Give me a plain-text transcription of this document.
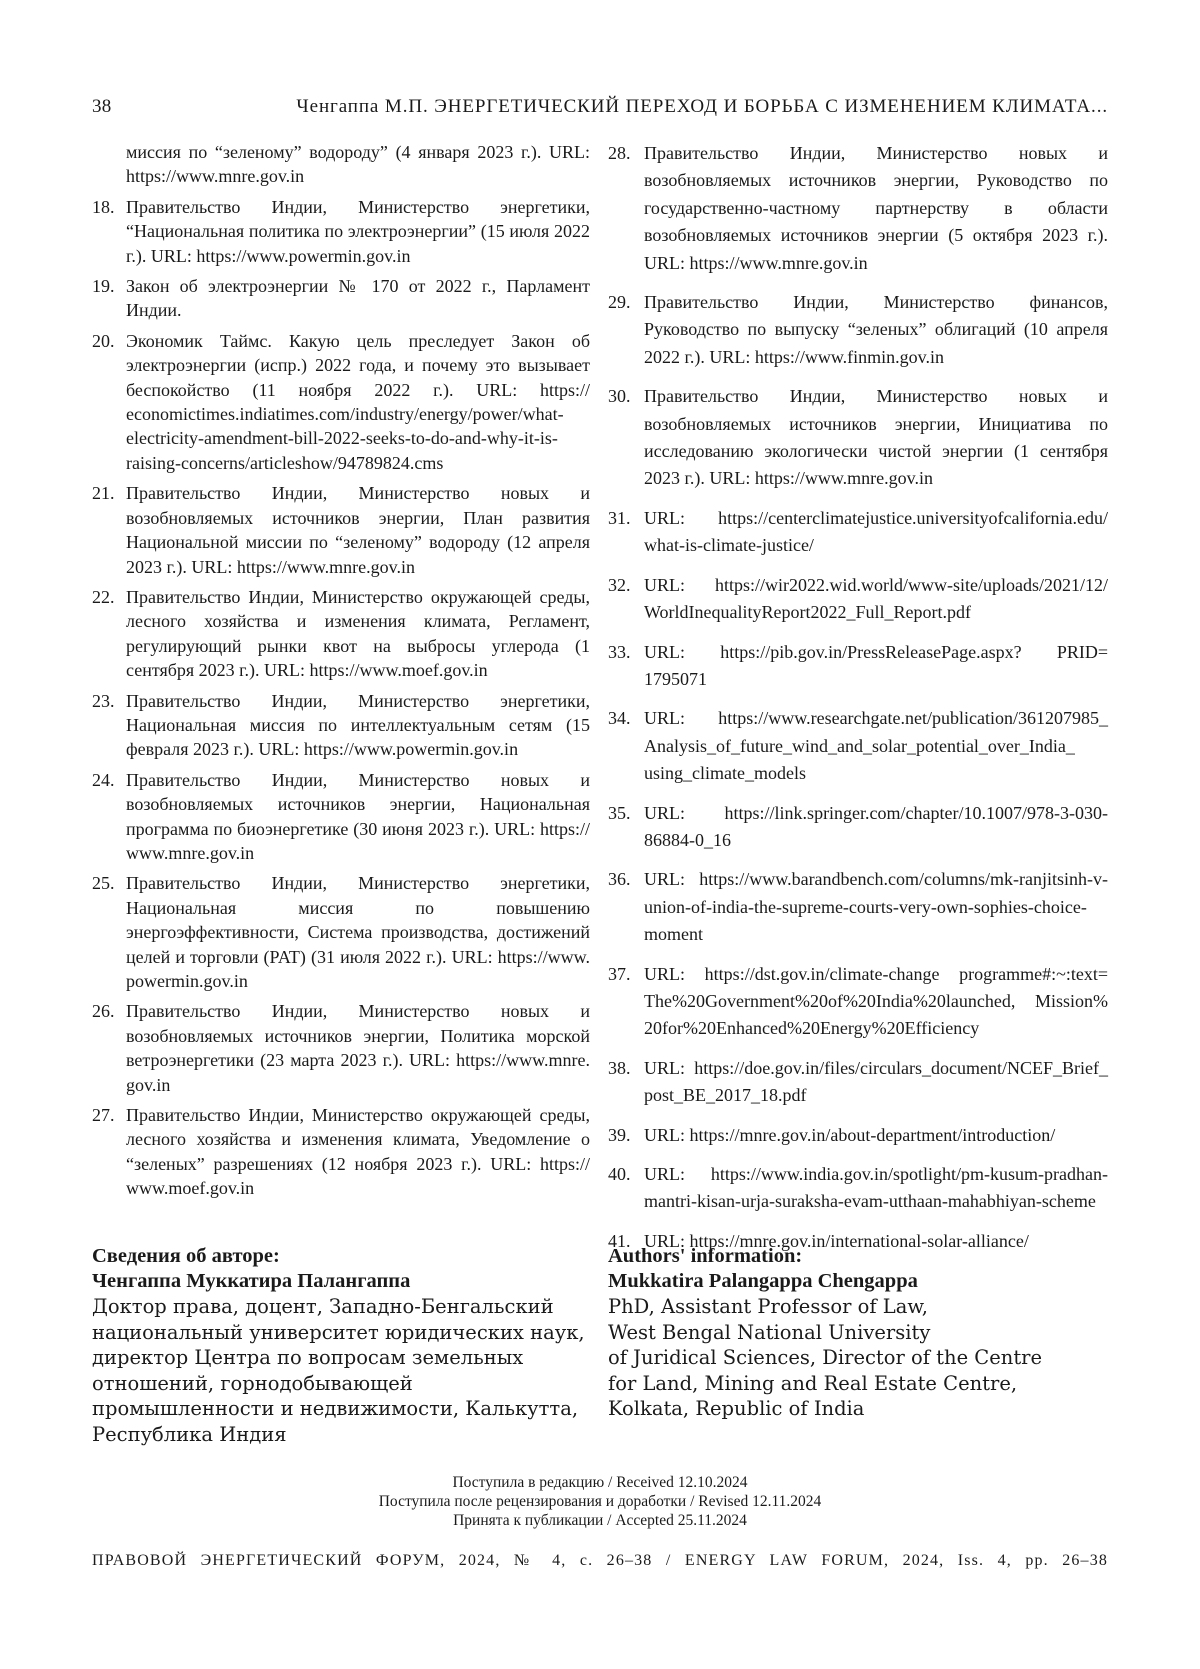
38	Ченгаппа М.П. ЭНЕРГЕТИЧЕСКИЙ ПЕРЕХОД И БОРЬБА С ИЗМЕНЕНИЕМ КЛИМАТА...
миссия по “зеленому” водороду” (4 января 2023 г.​).​ URL:​ https:​/​/​www.​mnre.​gov.​in
18. Правительство Индии, Министерство энергетики, “Национальная политика по электроэнергии” (15 июля 2022 г.​).​ URL:​ https:​/​/​www.​powermin.​gov.​in
19. Закон об электроэнергии № 170 от 2022 г.​, Парламент Индии.​
20. Экономик Таймс.​ Какую цель преследует Закон об электроэнергии (испр.​) 2022 года, и почему это вызывает беспокойство (11 ноября 2022 г.​).​ URL:​ https:​/​/​economictimes.​indiatimes.​com/​industry/​energy/​power/​what-​electricity-​amendment-​bill-​2022-​seeks-​to-​do-​and-​why-​it-​is-​raising-​concerns/​articleshow/​94789824.​cms
21. Правительство Индии, Министерство новых и возобновляемых источников энергии, План развития Национальной миссии по “зеленому” водороду (12 апреля 2023 г.​).​ URL:​ https:​/​/​www.​mnre.​gov.​in
22. Правительство Индии, Министерство окружающей среды, лесного хозяйства и изменения климата, Регламент, регулирующий рынки квот на выбросы углерода (1 сентября 2023 г.​).​ URL:​ https:​/​/​www.​moef.​gov.​in
23. Правительство Индии, Министерство энергетики, Национальная миссия по интеллектуальным сетям (15 февраля 2023 г.​).​ URL:​ https:​/​/​www.​powermin.​gov.​in
24. Правительство Индии, Министерство новых и возобновляемых источников энергии, Национальная программа по биоэнергетике (30 июня 2023 г.​).​ URL:​ https:​/​/​www.​mnre.​gov.​in
25. Правительство Индии, Министерство энергетики, Национальная миссия по повышению энергоэффективности, Система производства, достижений целей и торговли (PAT) (31 июля 2022 г.​).​ URL:​ https:​/​/​www.​powermin.​gov.​in
26. Правительство Индии, Министерство новых и возобновляемых источников энергии, Политика морской ветроэнергетики (23 марта 2023 г.​).​ URL:​ https:​/​/​www.​mnre.​gov.​in
27. Правительство Индии, Министерство окружающей среды, лесного хозяйства и изменения климата, Уведомление о “зеленых” разрешениях (12 ноября 2023 г.​).​ URL:​ https:​/​/​www.​moef.​gov.​in
28. Правительство Индии, Министерство новых и возобновляемых источников энергии, Руководство по государственно-​частному партнерству в области возобновляемых источников энергии (5 октября 2023 г.​).​ URL:​ https:​/​/​www.​mnre.​gov.​in
29. Правительство Индии, Министерство финансов, Руководство по выпуску “зеленых” облигаций (10 апреля 2022 г.​).​ URL:​ https:​/​/​www.​finmin.​gov.​in
30. Правительство Индии, Министерство новых и возобновляемых источников энергии, Инициатива по исследованию экологически чистой энергии (1 сентября 2023 г.​).​ URL:​ https:​/​/​www.​mnre.​gov.​in
31. URL:​ https:​/​/​centerclimatejustice.​universityofcalifornia.​edu/​what-​is-​climate-​justice/​
32. URL:​ https:​/​/​wir2022.​wid.​world/​www-​site/​uploads/​2021/​12/​WorldInequalityReport2022_​Full_​Report.​pdf
33. URL:​ https:​/​/​pib.​gov.​in/​PressReleasePage.​aspx? PRID=​1795071
34. URL:​ https:​/​/​www.​researchgate.​net/​publication/​361207985_​Analysis_​of_​future_​wind_​and_​solar_​potential_​over_​India_​using_​climate_​models
35. URL:​ https:​/​/​link.​springer.​com/​chapter/​10.​1007/​978-​3-​030-​86884-​0_​16
36. URL:​ https:​/​/​www.​barandbench.​com/​columns/​mk-​ranjitsinh-​v-​union-​of-​india-​the-​supreme-​courts-​very-​own-​sophies-​choice-​moment
37. URL:​ https:​/​/​dst.​gov.​in/​climate-​change programme#​:​~​:​text=​The%​20Government%​20of%​20India%​20launched, Mission%​20for%​20Enhanced%​20Energy%​20Efficiency
38. URL:​ https:​/​/​doe.​gov.​in/​files/​circulars_​document/​NCEF_​Brief_​post_​BE_​2017_​18.​pdf
39. URL:​ https:​/​/​mnre.​gov.​in/​about-​department/​introduction/​
40. URL:​ https:​/​/​www.​india.​gov.​in/​spotlight/​pm-​kusum-​pradhan-​mantri-​kisan-​urja-​suraksha-​evam-​utthaan-​mahabhiyan-​scheme
41. URL:​ https:​/​/​mnre.​gov.​in/​international-​solar-​alliance/​
Сведения об авторе:
Ченгаппа Муккатира Палангаппа
Доктор права, доцент, Западно-Бенгальский национальный университет юридических наук, директор Центра по вопросам земельных отношений, горнодобывающей промышленности и недвижимости, Калькутта, Республика Индия
Authors' information:
Mukkatira Palangappa Chengappa
PhD, Assistant Professor of Law,
West Bengal National University
of Juridical Sciences, Director of the Centre
for Land, Mining and Real Estate Centre,
Kolkata, Republic of India
Поступила в редакцию / Received 12.10.2024
Поступила после рецензирования и доработки / Revised 12.11.2024
Принята к публикации / Accepted 25.11.2024
ПРАВОВОЙ ЭНЕРГЕТИЧЕСКИЙ ФОРУМ, 2024, № 4, с. 26–38 / ENERGY LAW FORUM, 2024, Iss. 4, pp. 26–38
